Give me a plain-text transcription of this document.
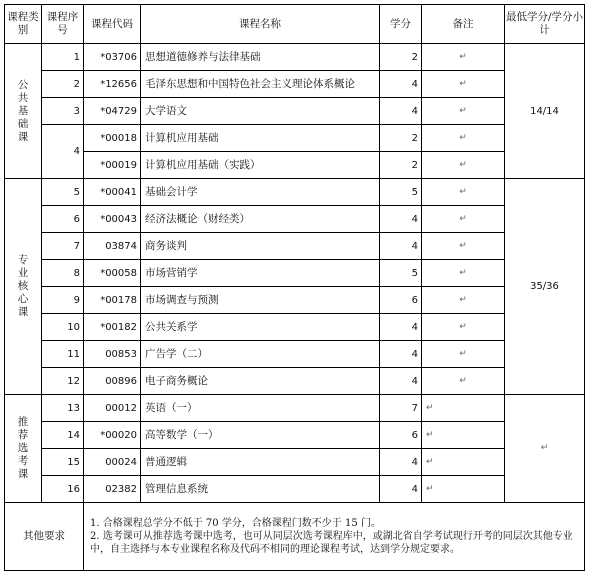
课程类别	课程序号	课程代码	课程名称	学分	备注	最低学分/学分小计
公共基础课	1	*03706	思想道德修养与法律基础	2	↵	14/14
	2	*12656	毛泽东思想和中国特色社会主义理论体系概论	4	↵	
	3	*04729	大学语文	4	↵	
	4	*00018	计算机应用基础	2	↵	
		*00019	计算机应用基础（实践）	2	↵	
专业核心课	5	*00041	基础会计学	5	↵	35/36
	6	*00043	经济法概论（财经类）	4	↵	
	7	03874	商务谈判	4	↵	
	8	*00058	市场营销学	5	↵	
	9	*00178	市场调查与预测	6	↵	
	10	*00182	公共关系学	4	↵	
	11	00853	广告学（二）	4	↵	
	12	00896	电子商务概论	4	↵	
推荐选考课	13	00012	英语（一）	7	↵	↵
	14	*00020	高等数学（一）	6	↵	
	15	00024	普通逻辑	4	↵	
	16	02382	管理信息系统	4	↵	
其他要求		1. 合格课程总学分不低于 70 学分，合格课程门数不少于 15 门。
2. 选考课可从推荐选考课中选考，也可从同层次选考课程库中，或湖北省自学考试现行开考的同层次其他专业中，自主选择与本专业课程名称及代码不相同的理论课程考试，达到学分规定要求。				
